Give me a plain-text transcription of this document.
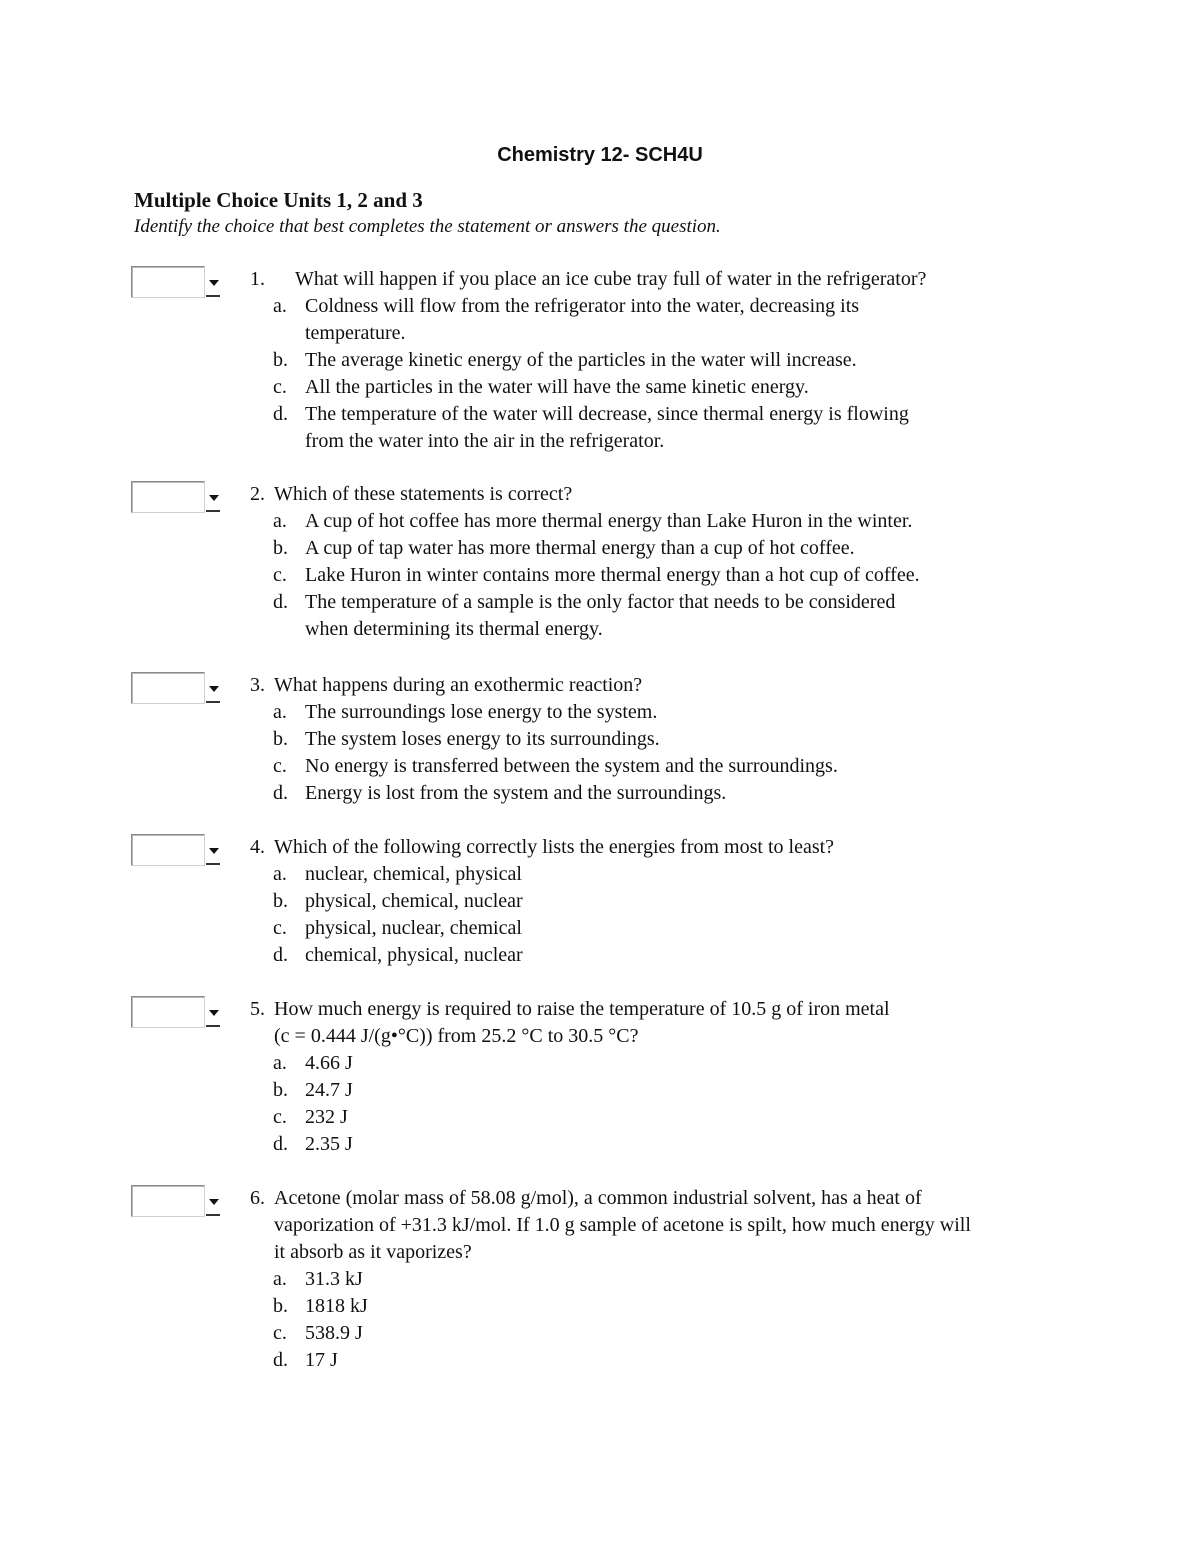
Chemistry 12- SCH4U
Multiple Choice Units 1, 2 and 3
Identify the choice that best completes the statement or answers the question.
1. What will happen if you place an ice cube tray full of water in the refrigerator?
a. Coldness will flow from the refrigerator into the water, decreasing its
temperature.
b. The average kinetic energy of the particles in the water will increase.
c. All the particles in the water will have the same kinetic energy.
d. The temperature of the water will decrease, since thermal energy is flowing
from the water into the air in the refrigerator.
2. Which of these statements is correct?
a. A cup of hot coffee has more thermal energy than Lake Huron in the winter.
b. A cup of tap water has more thermal energy than a cup of hot coffee.
c. Lake Huron in winter contains more thermal energy than a hot cup of coffee.
d. The temperature of a sample is the only factor that needs to be considered
when determining its thermal energy.
3. What happens during an exothermic reaction?
a. The surroundings lose energy to the system.
b. The system loses energy to its surroundings.
c. No energy is transferred between the system and the surroundings.
d. Energy is lost from the system and the surroundings.
4. Which of the following correctly lists the energies from most to least?
a. nuclear, chemical, physical
b. physical, chemical, nuclear
c. physical, nuclear, chemical
d. chemical, physical, nuclear
5. How much energy is required to raise the temperature of 10.5 g of iron metal
(c = 0.444 J/(g•°C)) from 25.2 °C to 30.5 °C?
a. 4.66 J
b. 24.7 J
c. 232 J
d. 2.35 J
6. Acetone (molar mass of 58.08 g/mol), a common industrial solvent, has a heat of
vaporization of +31.3 kJ/mol. If 1.0 g sample of acetone is spilt, how much energy will
it absorb as it vaporizes?
a. 31.3 kJ
b. 1818 kJ
c. 538.9 J
d. 17 J
